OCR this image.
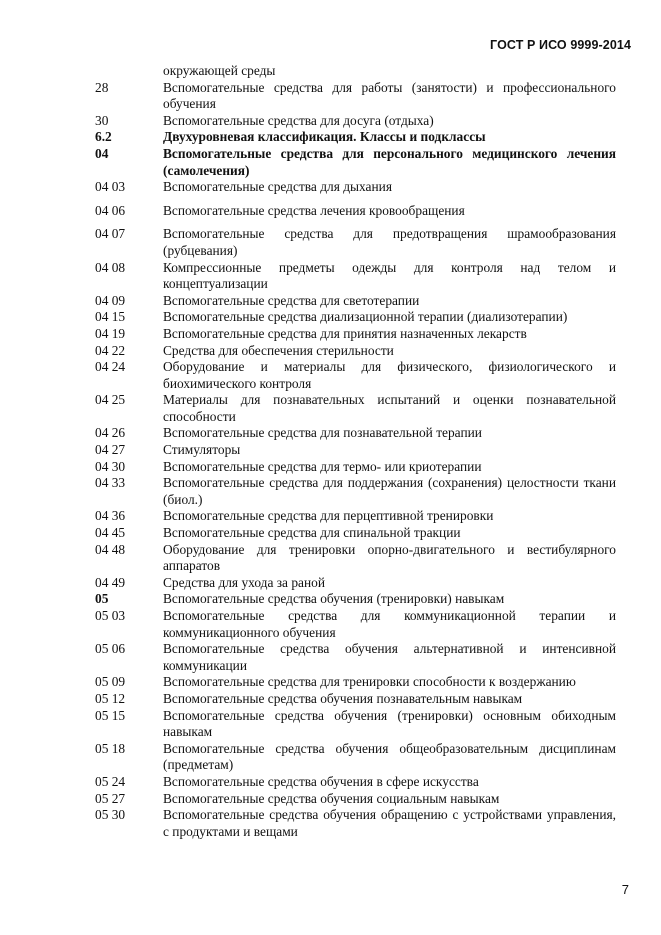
ГОСТ Р ИСО 9999-2014
окружающей среды
28	Вспомогательные средства для работы (занятости) и профессионального обучения
30	Вспомогательные средства для досуга (отдыха)
6.2	Двухуровневая классификация. Классы и подклассы
04	Вспомогательные средства для персонального медицинского лечения (самолечения)
04 03	Вспомогательные средства для дыхания
04 06	Вспомогательные средства лечения кровообращения
04 07	Вспомогательные средства для предотвращения шрамообразования (рубцевания)
04 08	Компрессионные предметы одежды для контроля над телом и концептуализации
04 09	Вспомогательные средства для светотерапии
04 15	Вспомогательные средства диализационной терапии (диализотерапии)
04 19	Вспомогательные средства для принятия назначенных лекарств
04 22	Средства для обеспечения стерильности
04 24	Оборудование и материалы для физического, физиологического и биохимического контроля
04 25	Материалы для познавательных испытаний и оценки познавательной способности
04 26	Вспомогательные средства для познавательной терапии
04 27	Стимуляторы
04 30	Вспомогательные средства для термо- или криотерапии
04 33	Вспомогательные средства для поддержания (сохранения) целостности ткани (биол.)
04 36	Вспомогательные средства для перцептивной тренировки
04 45	Вспомогательные средства для спинальной тракции
04 48	Оборудование для тренировки опорно-двигательного и вестибулярного аппаратов
04 49	Средства для ухода за раной
05	Вспомогательные средства обучения (тренировки) навыкам
05 03	Вспомогательные средства для коммуникационной терапии и коммуникационного обучения
05 06	Вспомогательные средства обучения альтернативной и интенсивной коммуникации
05 09	Вспомогательные средства для тренировки способности к воздержанию
05 12	Вспомогательные средства обучения познавательным навыкам
05 15	Вспомогательные средства обучения (тренировки) основным обиходным навыкам
05 18	Вспомогательные средства обучения общеобразовательным дисциплинам (предметам)
05 24	Вспомогательные средства обучения в сфере искусства
05 27	Вспомогательные средства обучения социальным навыкам
05 30	Вспомогательные средства обучения обращению с устройствами управления, с продуктами и вещами
7
